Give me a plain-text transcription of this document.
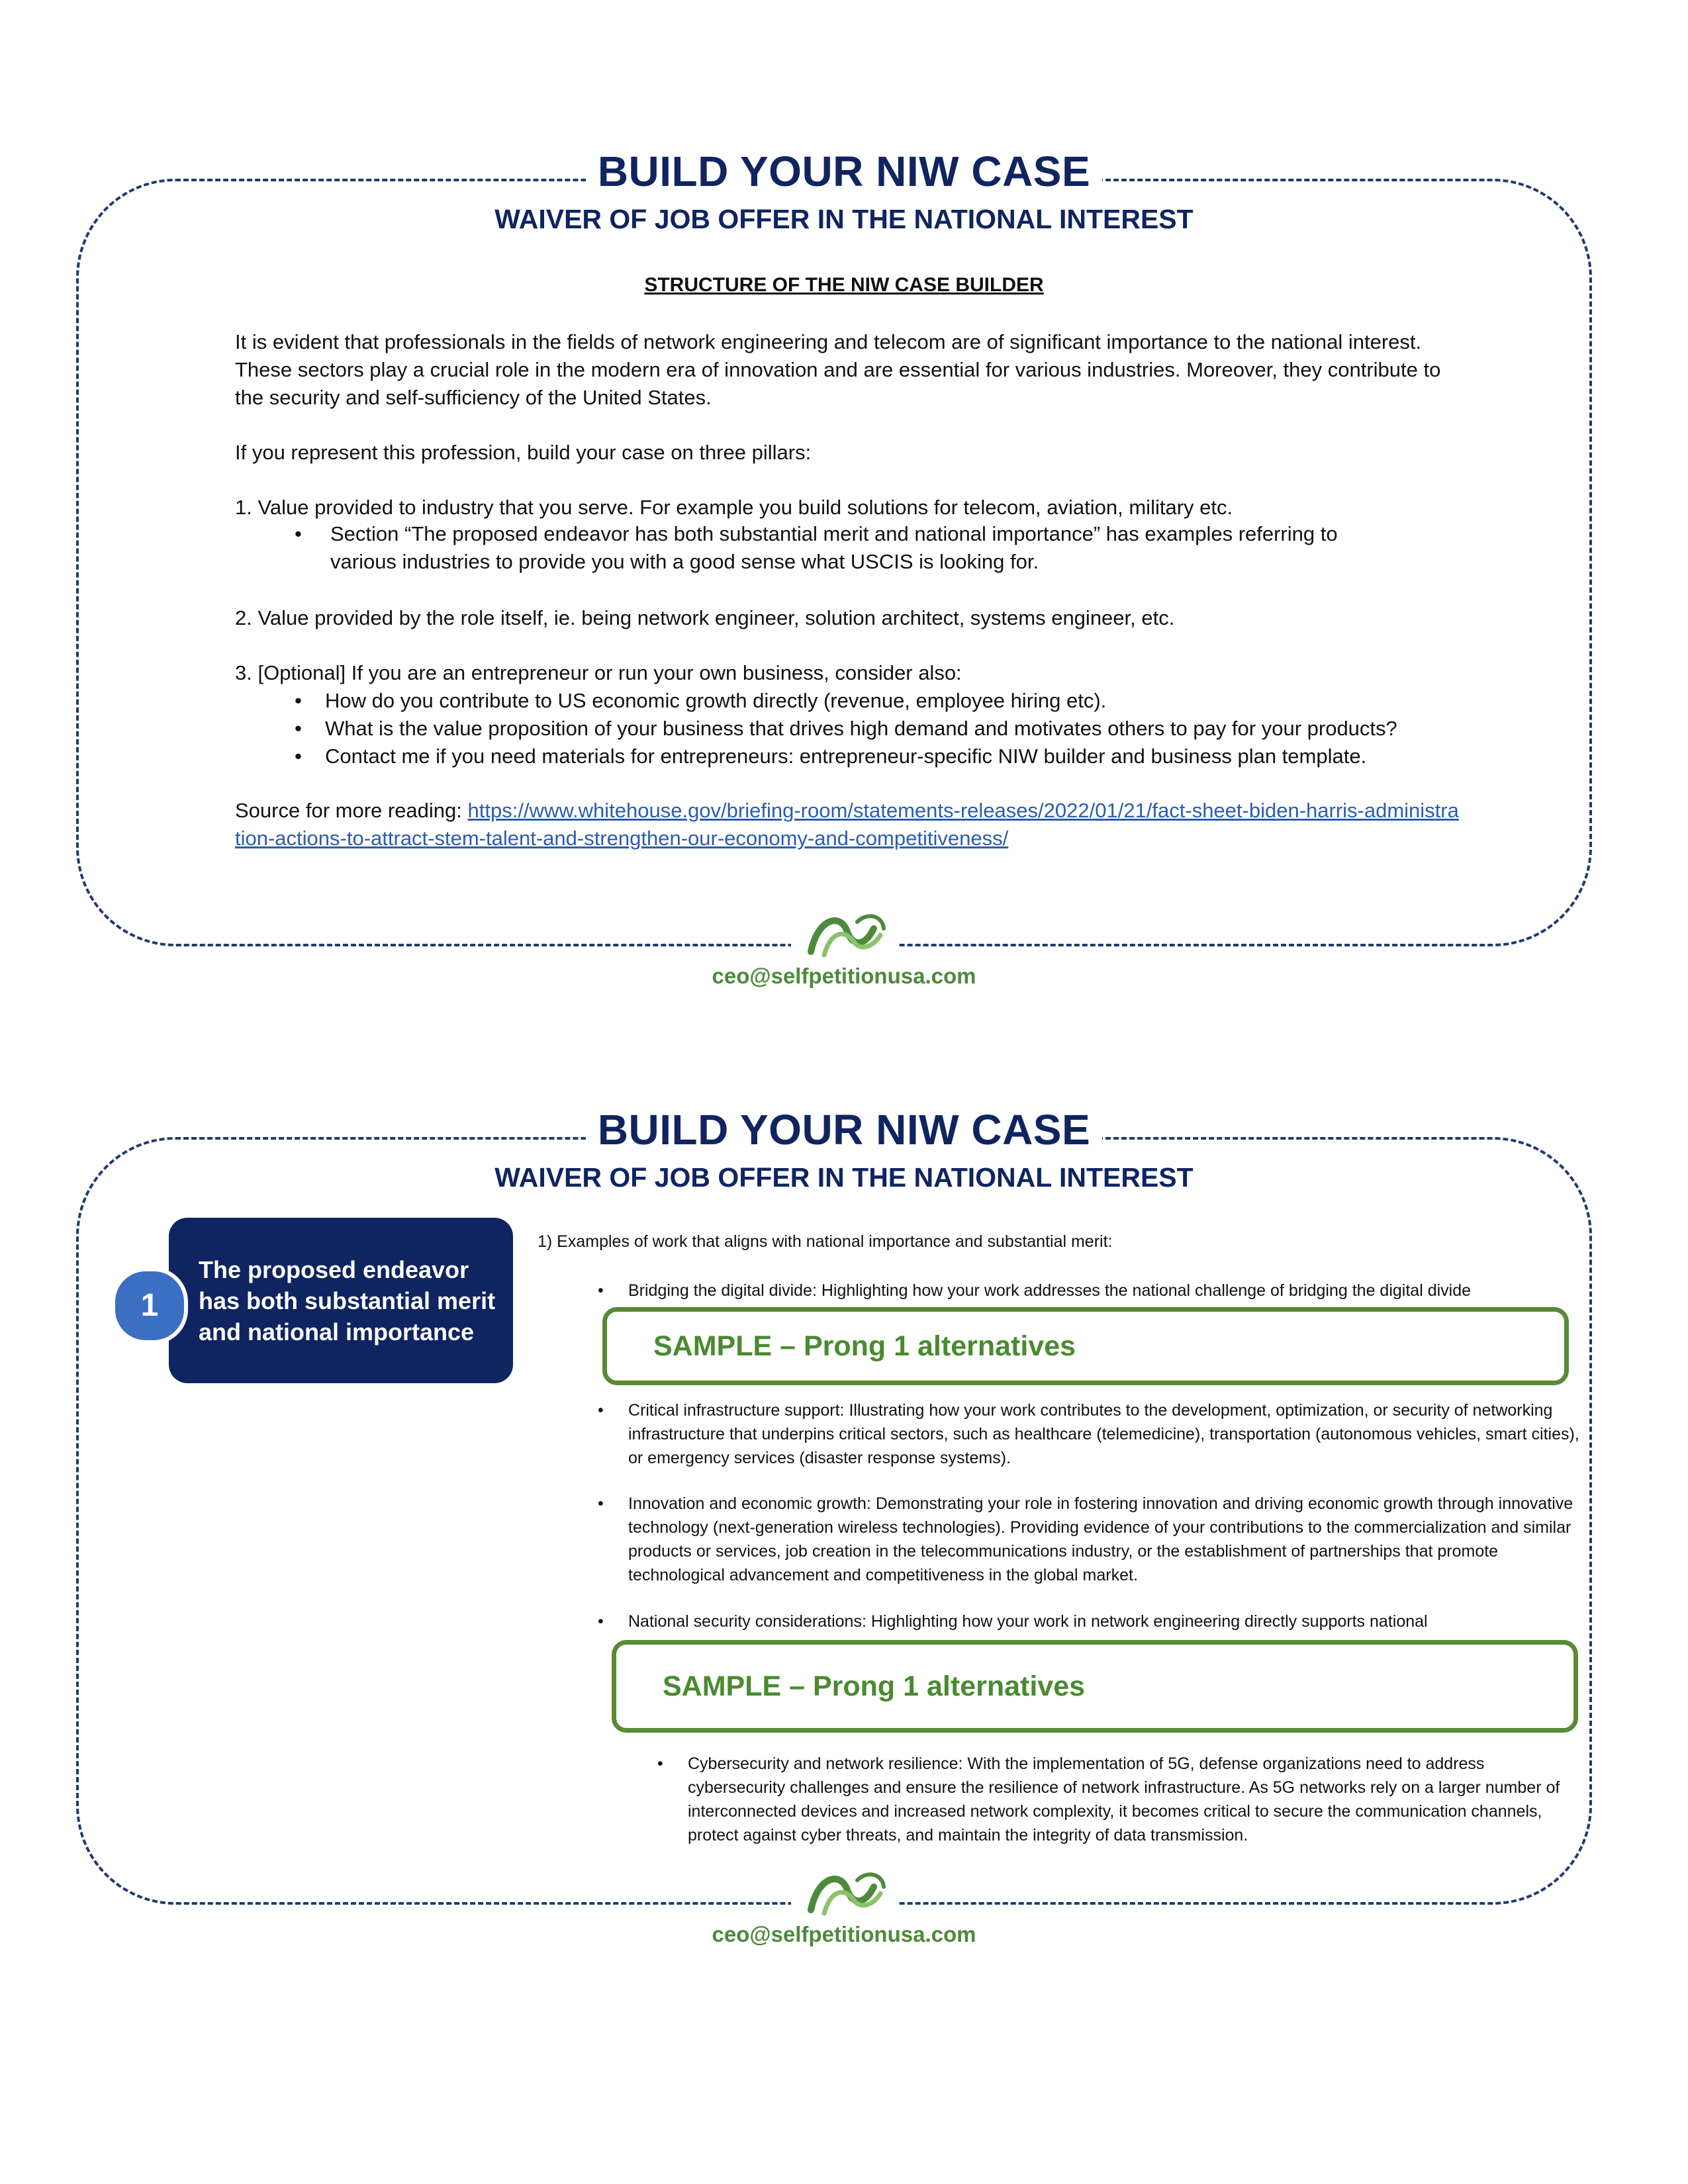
BUILD YOUR NIW CASE
WAIVER OF JOB OFFER IN THE NATIONAL INTEREST
STRUCTURE OF THE NIW CASE BUILDER
It is evident that professionals in the fields of network engineering and telecom are of significant importance to the national interest. These sectors play a crucial role in the modern era of innovation and are essential for various industries. Moreover, they contribute to the security and self-sufficiency of the United States.
If you represent this profession, build your case on three pillars:
1. Value provided to industry that you serve. For example you build solutions for telecom, aviation, military etc.
• Section “The proposed endeavor has both substantial merit and national importance” has examples referring to various industries to provide you with a good sense what USCIS is looking for.
2. Value provided by the role itself, ie. being network engineer, solution architect, systems engineer, etc.
3. [Optional] If you are an entrepreneur or run your own business, consider also:
• How do you contribute to US economic growth directly (revenue, employee hiring etc).
• What is the value proposition of your business that drives high demand and motivates others to pay for your products?
• Contact me if you need materials for entrepreneurs: entrepreneur-specific NIW builder and business plan template.
Source for more reading: https://www.whitehouse.gov/briefing-room/statements-releases/2022/01/21/fact-sheet-biden-harris-administration-actions-to-attract-stem-talent-and-strengthen-our-economy-and-competitiveness/
ceo@selfpetitionusa.com
BUILD YOUR NIW CASE
WAIVER OF JOB OFFER IN THE NATIONAL INTEREST
The proposed endeavor has both substantial merit and national importance
1
1) Examples of work that aligns with national importance and substantial merit:
• Bridging the digital divide: Highlighting how your work addresses the national challenge of bridging the digital divide
SAMPLE – Prong 1 alternatives
• Critical infrastructure support: Illustrating how your work contributes to the development, optimization, or security of networking infrastructure that underpins critical sectors, such as healthcare (telemedicine), transportation (autonomous vehicles, smart cities), or emergency services (disaster response systems).
• Innovation and economic growth: Demonstrating your role in fostering innovation and driving economic growth through innovative technology (next-generation wireless technologies). Providing evidence of your contributions to the commercialization and similar products or services, job creation in the telecommunications industry, or the establishment of partnerships that promote technological advancement and competitiveness in the global market.
• National security considerations: Highlighting how your work in network engineering directly supports national
SAMPLE – Prong 1 alternatives
• Cybersecurity and network resilience: With the implementation of 5G, defense organizations need to address cybersecurity challenges and ensure the resilience of network infrastructure. As 5G networks rely on a larger number of interconnected devices and increased network complexity, it becomes critical to secure the communication channels, protect against cyber threats, and maintain the integrity of data transmission.
ceo@selfpetitionusa.com
